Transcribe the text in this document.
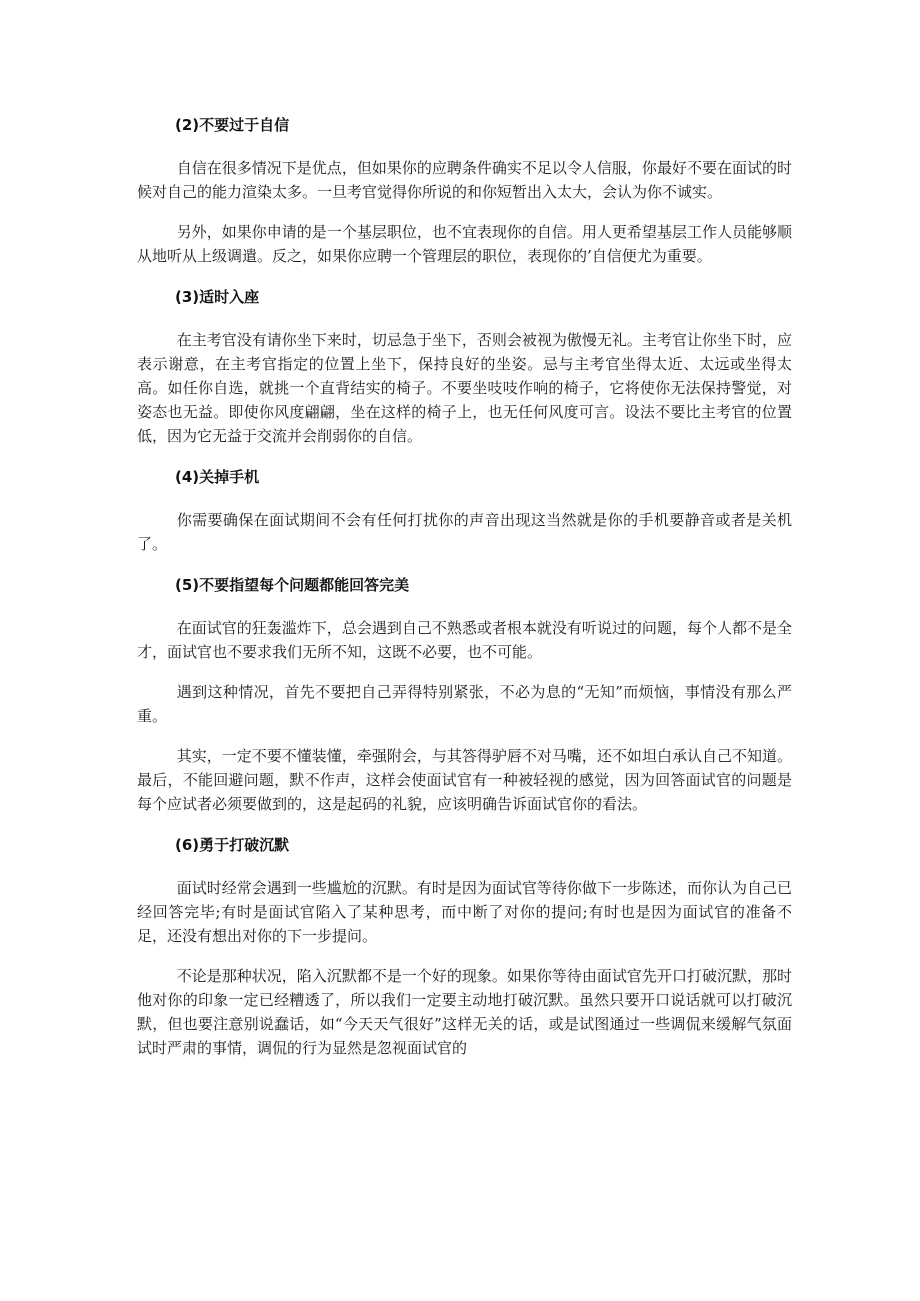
(2)不要过于自信

自信在很多情况下是优点，但如果你的应聘条件确实不足以令人信服，你最好不要在面试的时候对自己的能力渲染太多。一旦考官觉得你所说的和你短暂出入太大，会认为你不诚实。

另外，如果你申请的是一个基层职位，也不宜表现你的自信。用人更希望基层工作人员能够顺从地听从上级调遣。反之，如果你应聘一个管理层的职位，表现你的’自信便尤为重要。

(3)适时入座

在主考官没有请你坐下来时，切忌急于坐下，否则会被视为傲慢无礼。主考官让你坐下时，应表示谢意，在主考官指定的位置上坐下，保持良好的坐姿。忌与主考官坐得太近、太远或坐得太高。如任你自选，就挑一个直背结实的椅子。不要坐吱吱作响的椅子，它将使你无法保持警觉，对姿态也无益。即使你风度翩翩，坐在这样的椅子上，也无任何风度可言。设法不要比主考官的位置低，因为它无益于交流并会削弱你的自信。

(4)关掉手机

你需要确保在面试期间不会有任何打扰你的声音出现这当然就是你的手机要静音或者是关机了。

(5)不要指望每个问题都能回答完美

在面试官的狂轰滥炸下，总会遇到自己不熟悉或者根本就没有听说过的问题，每个人都不是全才，面试官也不要求我们无所不知，这既不必要，也不可能。

遇到这种情况，首先不要把自己弄得特别紧张，不必为息的“无知”而烦恼，事情没有那么严重。

其实，一定不要不懂装懂，牵强附会，与其答得驴唇不对马嘴，还不如坦白承认自己不知道。最后，不能回避问题，默不作声，这样会使面试官有一种被轻视的感觉，因为回答面试官的问题是每个应试者必须要做到的，这是起码的礼貌，应该明确告诉面试官你的看法。

(6)勇于打破沉默

面试时经常会遇到一些尴尬的沉默。有时是因为面试官等待你做下一步陈述，而你认为自己已经回答完毕;有时是面试官陷入了某种思考，而中断了对你的提问;有时也是因为面试官的准备不足，还没有想出对你的下一步提问。

不论是那种状况，陷入沉默都不是一个好的现象。如果你等待由面试官先开口打破沉默，那时他对你的印象一定已经糟透了，所以我们一定要主动地打破沉默。虽然只要开口说话就可以打破沉默，但也要注意别说蠢话，如“今天天气很好”这样无关的话，或是试图通过一些调侃来缓解气氛面试时严肃的事情，调侃的行为显然是忽视面试官的
